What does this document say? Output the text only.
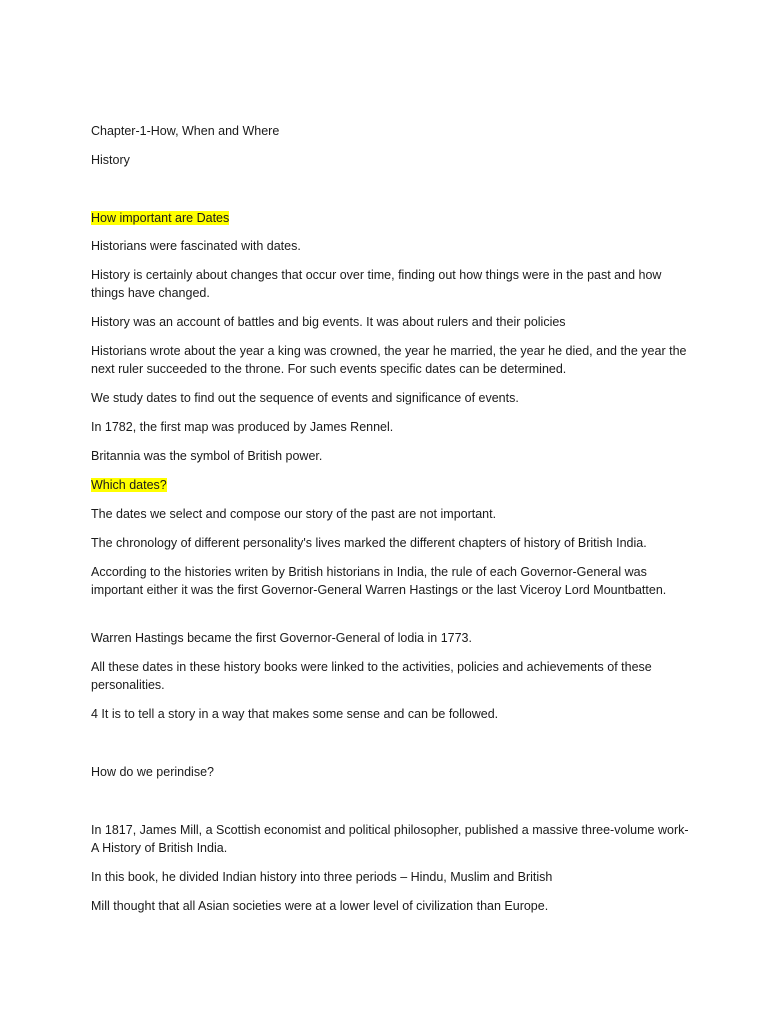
Chapter-1-How, When and Where

History

How important are Dates

Historians were fascinated with dates.

History is certainly about changes that occur over time, finding out how things were in the past and how things have changed.

History was an account of battles and big events. It was about rulers and their policies

Historians wrote about the year a king was crowned, the year he married, the year he died, and the year the next ruler succeeded to the throne. For such events specific dates can be determined.

We study dates to find out the sequence of events and significance of events.

In 1782, the first map was produced by James Rennel.

Britannia was the symbol of British power.

Which dates?

The dates we select and compose our story of the past are not important.

The chronology of different personality's lives marked the different chapters of history of British India.

According to the histories writen by British historians in India, the rule of each Governor-General was important either it was the first Governor-General Warren Hastings or the last Viceroy Lord Mountbatten.

Warren Hastings became the first Governor-General of lodia in 1773.

All these dates in these history books were linked to the activities, policies and achievements of these personalities.

4 It is to tell a story in a way that makes some sense and can be followed.

How do we perindise?

In 1817, James Mill, a Scottish economist and political philosopher, published a massive three-volume work- A History of British India.

In this book, he divided Indian history into three periods – Hindu, Muslim and British

Mill thought that all Asian societies were at a lower level of civilization than Europe.
